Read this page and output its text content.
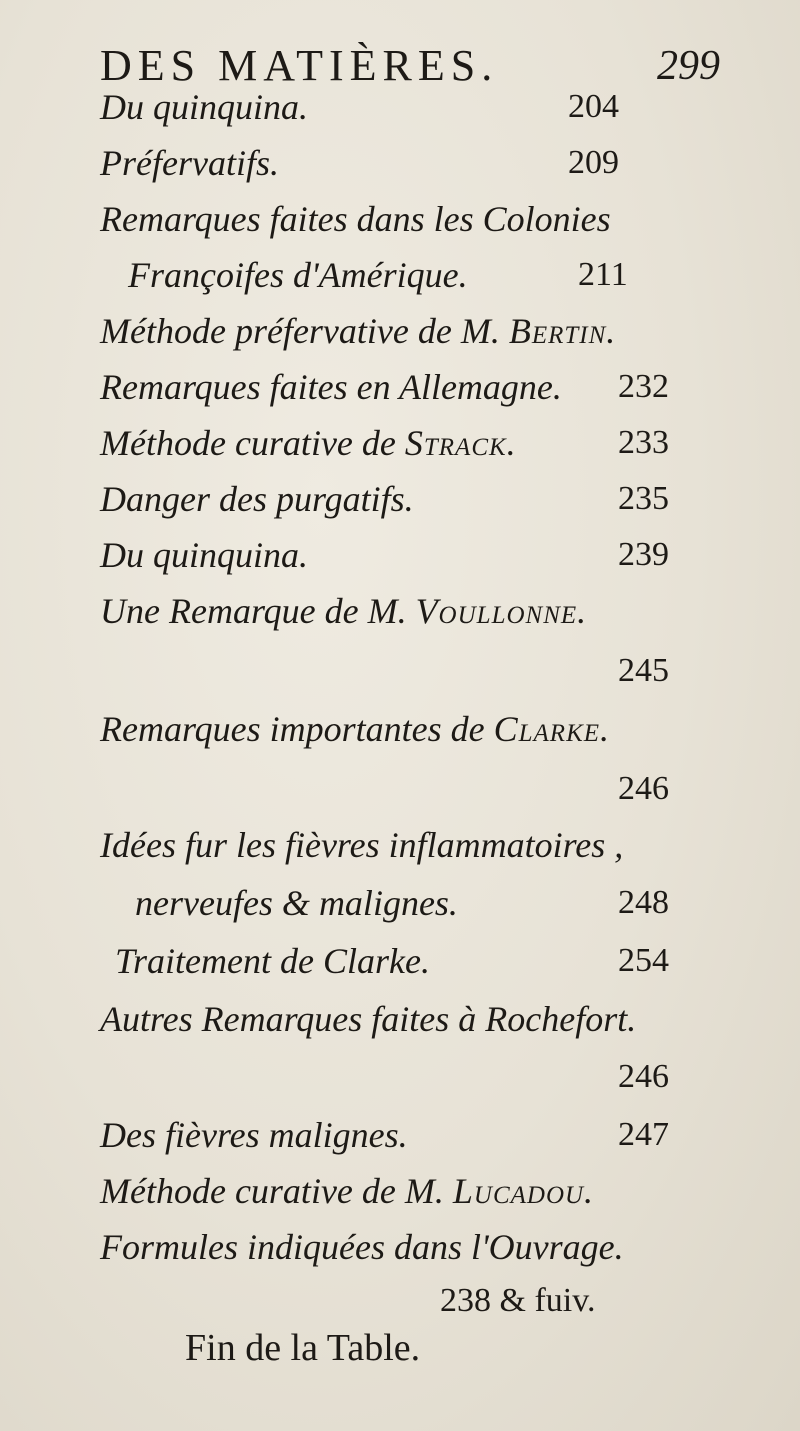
DES MATIÈRES.	299
Du quinquina.	204
Préfervatifs.	209
Remarques faites dans les Colonies
Françoifes d'Amérique.	211
Méthode préfervative de M. Bertin.
Remarques faites en Allemagne. 232
Méthode curative de Strack.	233
Danger des purgatifs.	235
Du quinquina.	239
Une Remarque de M. Voullonne.
245
Remarques importantes de Clarke.
246
Idées fur les fièvres inflammatoires ,
nerveufes & malignes.	248
Traitement de Clarke.	254
Autres Remarques faites à Rochefort.
246
Des fièvres malignes.	247
Méthode curative de M. Lucadou.
Formules indiquées dans l'Ouvrage.
238 & fuiv.
Fin de la Table.
